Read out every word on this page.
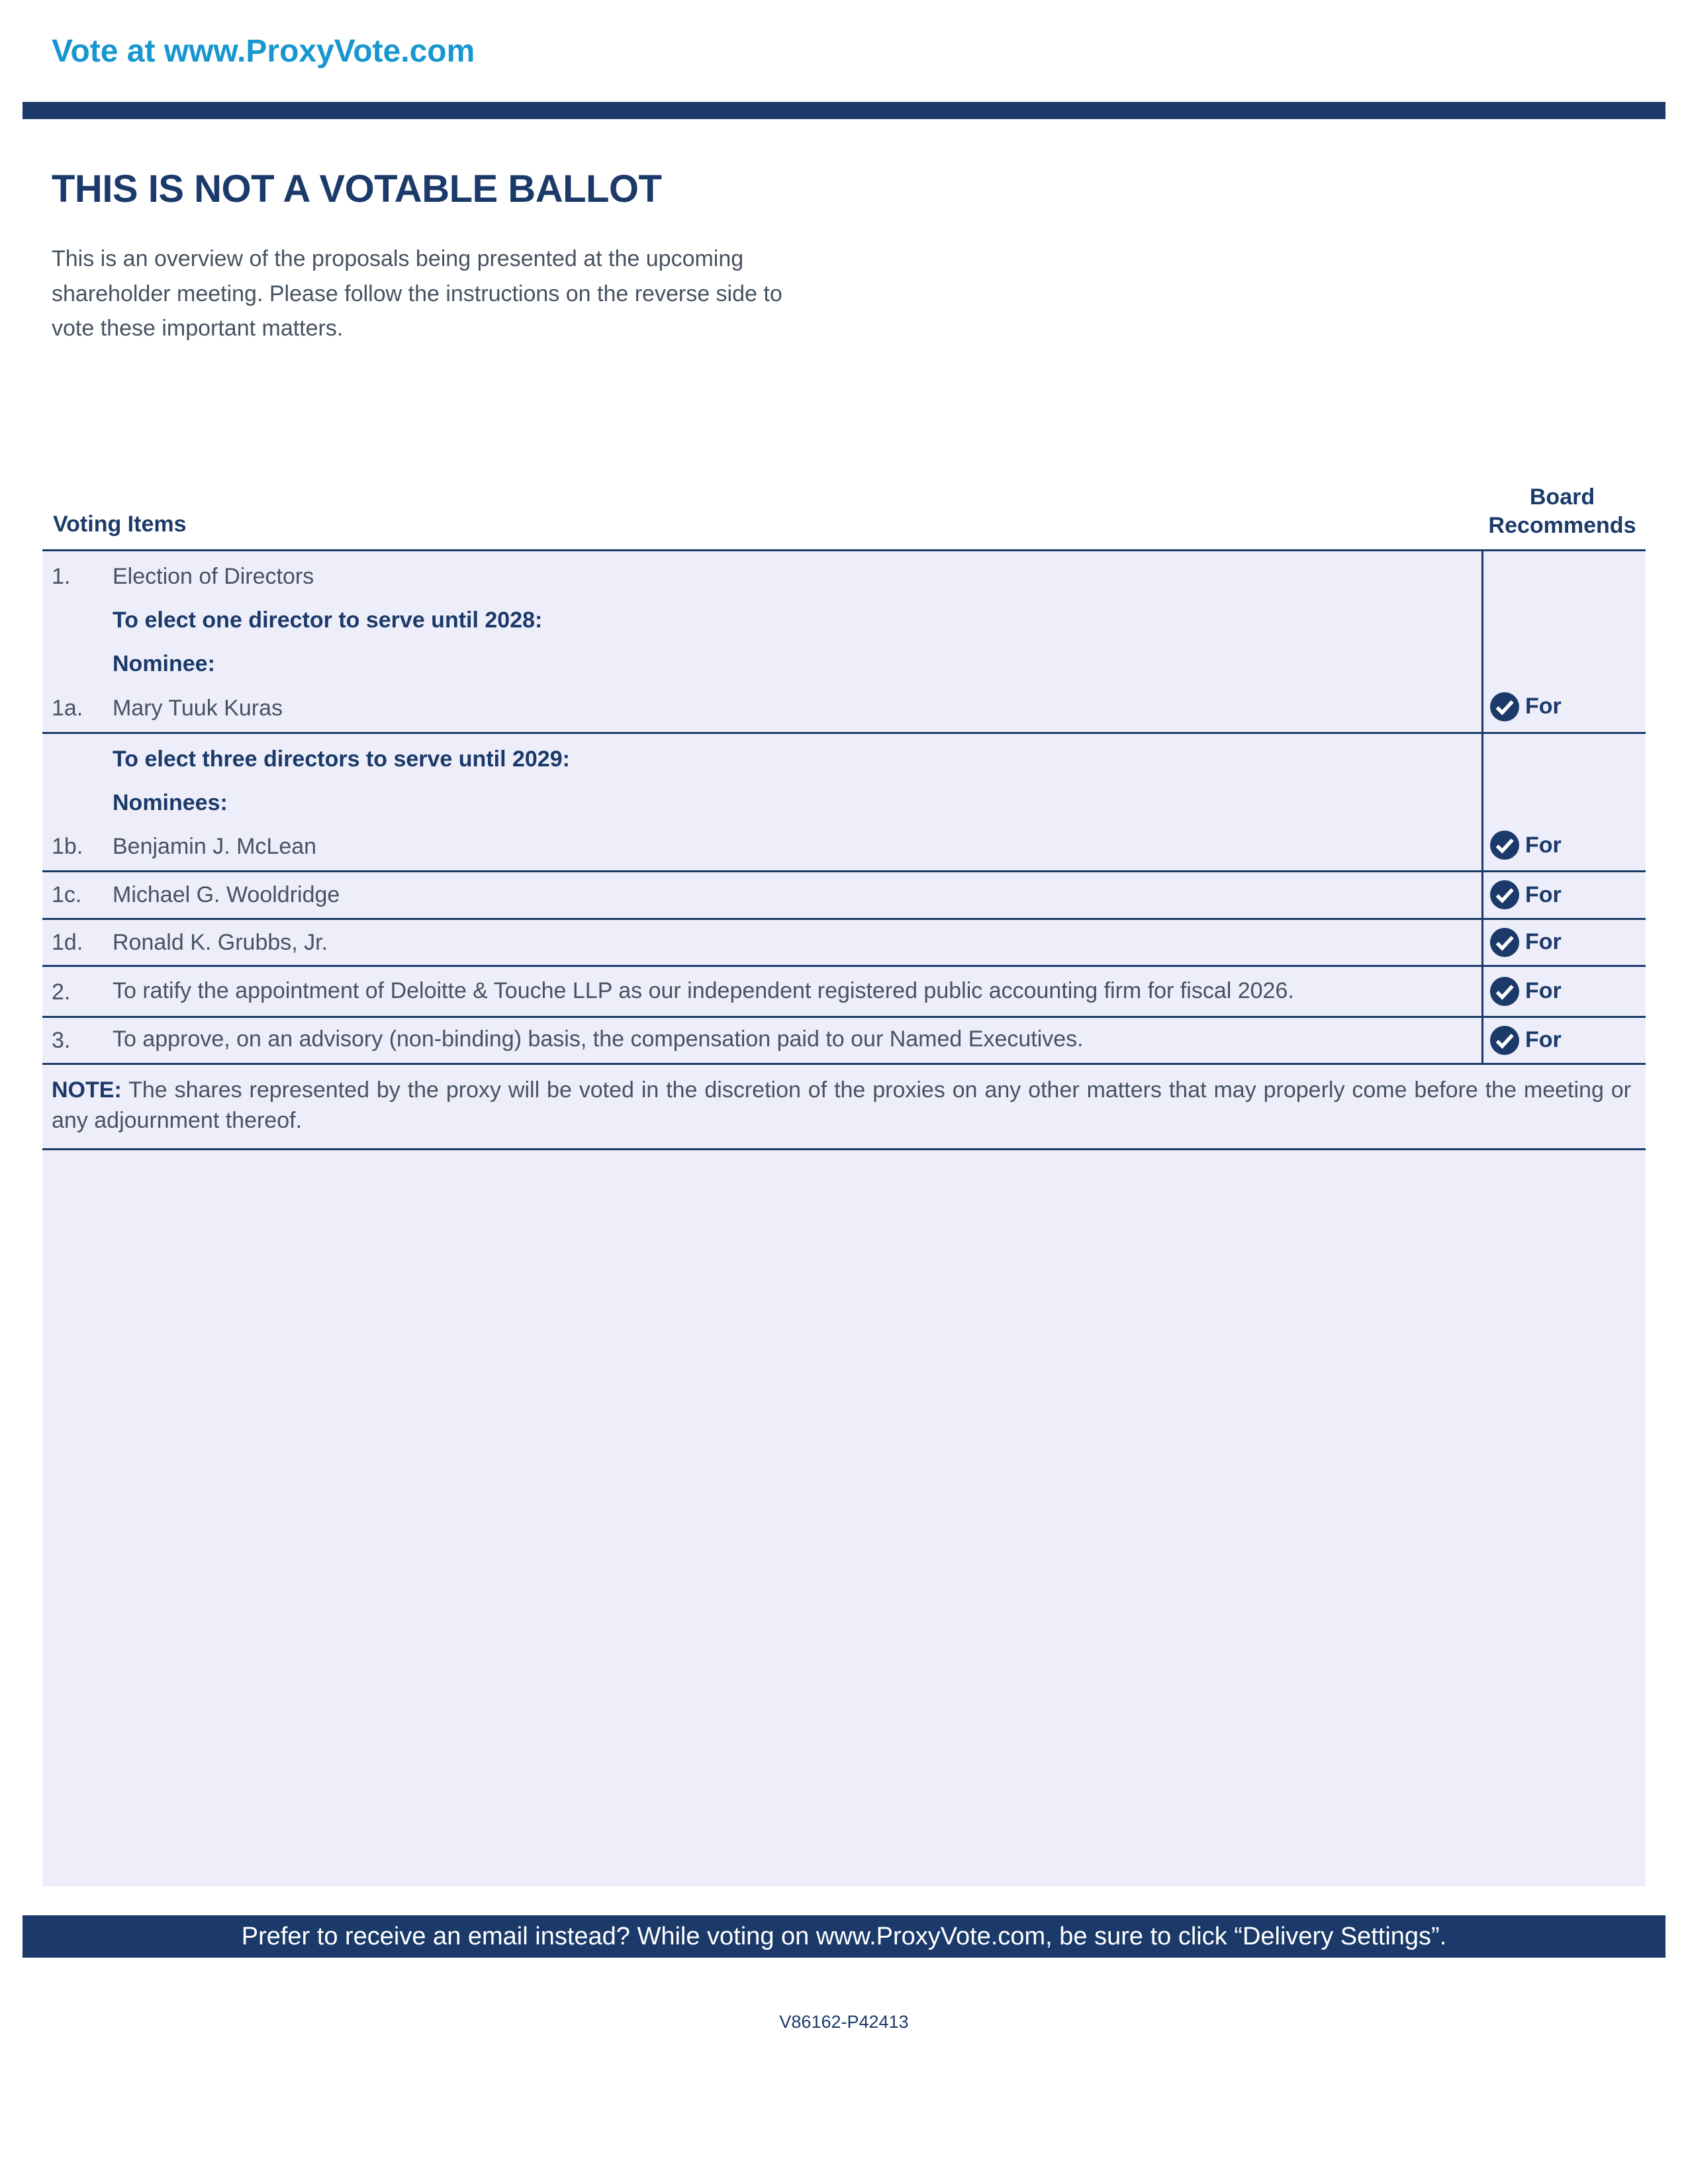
Vote at www.ProxyVote.com
THIS IS NOT A VOTABLE BALLOT

This is an overview of the proposals being presented at the upcoming shareholder meeting. Please follow the instructions on the reverse side to vote these important matters.

Voting Items
Board
Recommends
1.	Election of Directors
To elect one director to serve until 2028:
Nominee:
1a.	Mary Tuuk Kuras	For
To elect three directors to serve until 2029:
Nominees:
1b.	Benjamin J. McLean	For
1c.	Michael G. Wooldridge	For
1d.	Ronald K. Grubbs, Jr.	For
2.	To ratify the appointment of Deloitte & Touche LLP as our independent registered public accounting firm for fiscal 2026.	For
3.	To approve, on an advisory (non-binding) basis, the compensation paid to our Named Executives.	For
NOTE: The shares represented by the proxy will be voted in the discretion of the proxies on any other matters that may properly come before the meeting or any adjournment thereof.
Prefer to receive an email instead? While voting on www.ProxyVote.com, be sure to click “Delivery Settings”.
V86162-P42413
